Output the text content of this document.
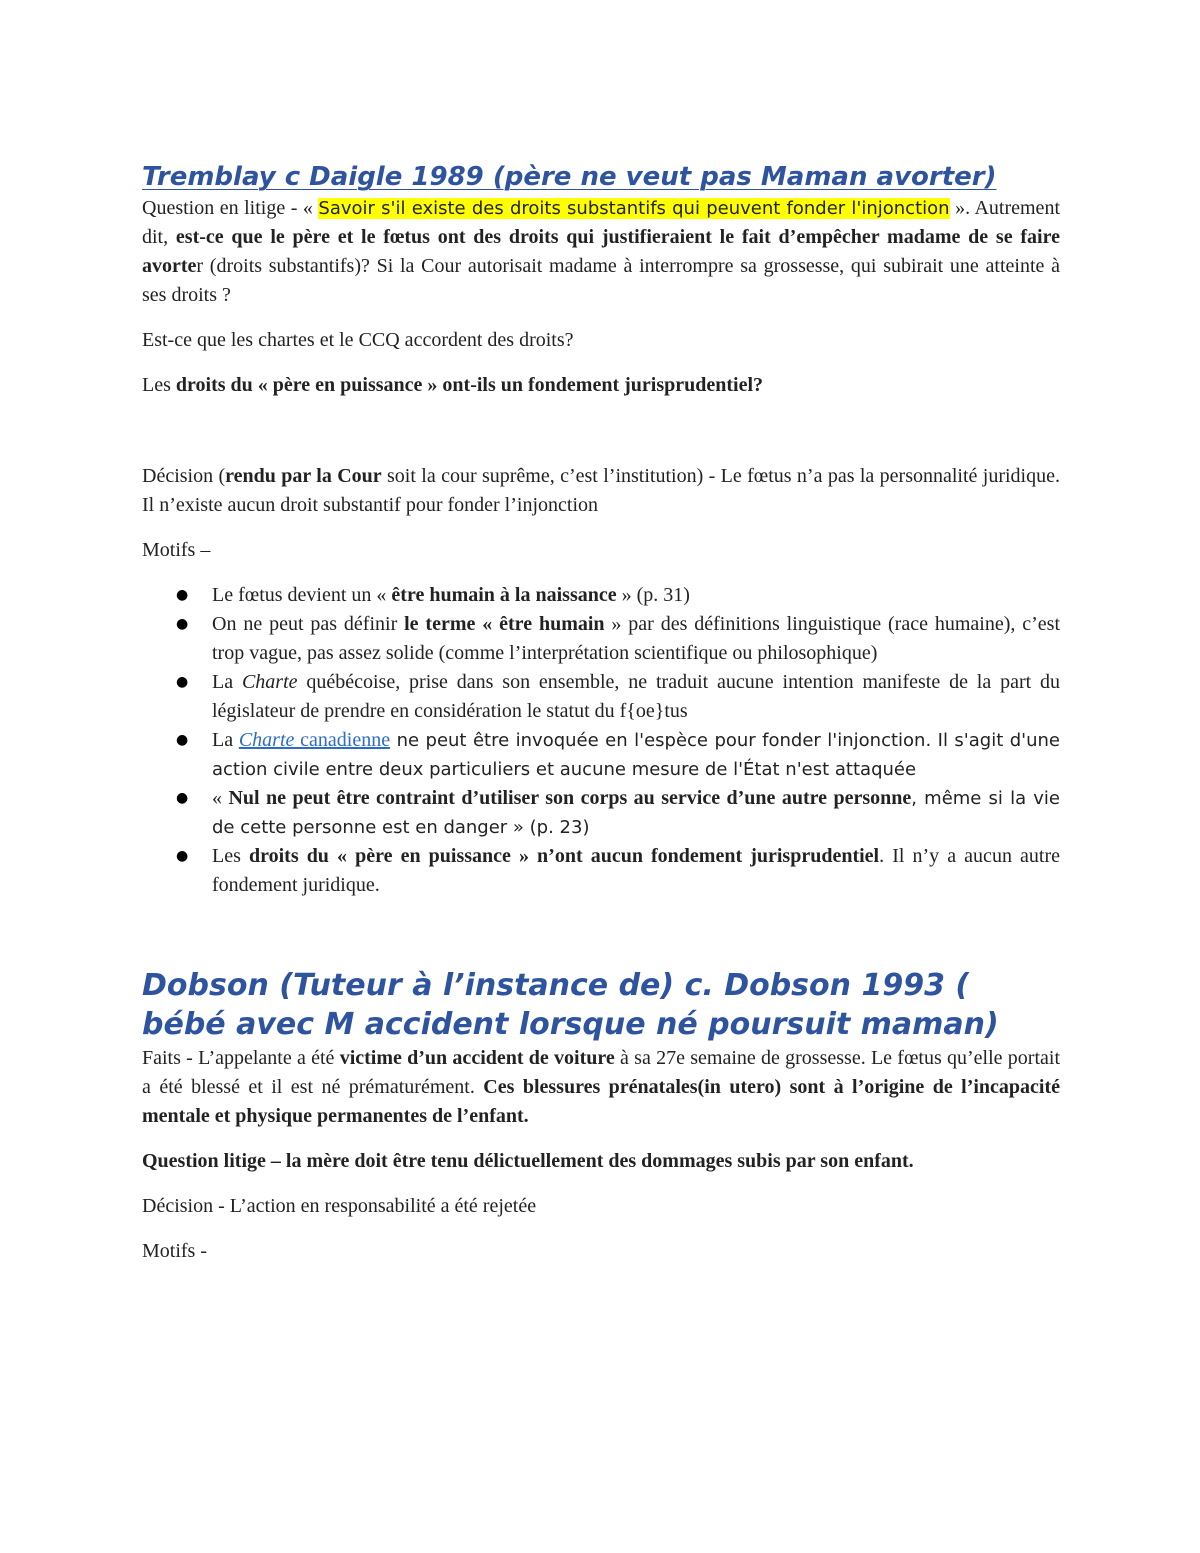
Tremblay c Daigle 1989 (père ne veut pas Maman avorter)

Question en litige - « Savoir s'il existe des droits substantifs qui peuvent fonder l'injonction ». Autrement dit, est-ce que le père et le fœtus ont des droits qui justifieraient le fait d’empêcher madame de se faire avorter (droits substantifs)? Si la Cour autorisait madame à interrompre sa grossesse, qui subirait une atteinte à ses droits ?

Est-ce que les chartes et le CCQ accordent des droits?

Les droits du « père en puissance » ont-ils un fondement jurisprudentiel?

Décision (rendu par la Cour soit la cour suprême, c’est l’institution) - Le fœtus n’a pas la personnalité juridique. Il n’existe aucun droit substantif pour fonder l’injonction

Motifs –

● Le fœtus devient un « être humain à la naissance » (p. 31)
● On ne peut pas définir le terme « être humain » par des définitions linguistique (race humaine), c’est trop vague, pas assez solide (comme l’interprétation scientifique ou philosophique)
● La Charte québécoise, prise dans son ensemble, ne traduit aucune intention manifeste de la part du législateur de prendre en considération le statut du f{oe}tus
● La Charte canadienne ne peut être invoquée en l'espèce pour fonder l'injonction. Il s'agit d'une action civile entre deux particuliers et aucune mesure de l'État n'est attaquée
● « Nul ne peut être contraint d’utiliser son corps au service d’une autre personne, même si la vie de cette personne est en danger » (p. 23)
● Les droits du « père en puissance » n’ont aucun fondement jurisprudentiel. Il n’y a aucun autre fondement juridique.
Dobson (Tuteur à l’instance de) c. Dobson 1993 ( bébé avec M accident lorsque né poursuit maman)

Faits - L’appelante a été victime d’un accident de voiture à sa 27e semaine de grossesse. Le fœtus qu’elle portait a été blessé et il est né prématurément. Ces blessures prénatales(in utero) sont à l’origine de l’incapacité mentale et physique permanentes de l’enfant.

Question litige – la mère doit être tenu délictuellement des dommages subis par son enfant.

Décision - L’action en responsabilité a été rejetée

Motifs -
